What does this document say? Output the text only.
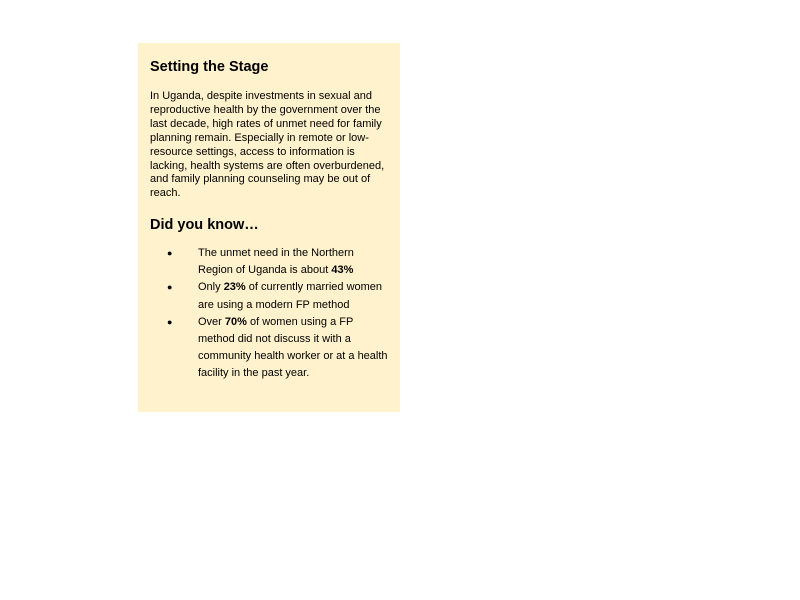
Setting the Stage

In Uganda, despite investments in sexual and reproductive health by the government over the last decade, high rates of unmet need for family planning remain. Especially in remote or low-resource settings, access to information is lacking, health systems are often overburdened, and family planning counseling may be out of reach.

Did you know…
● The unmet need in the Northern Region of Uganda is about 43%
● Only 23% of currently married women are using a modern FP method
● Over 70% of women using a FP method did not discuss it with a community health worker or at a health facility in the past year.
